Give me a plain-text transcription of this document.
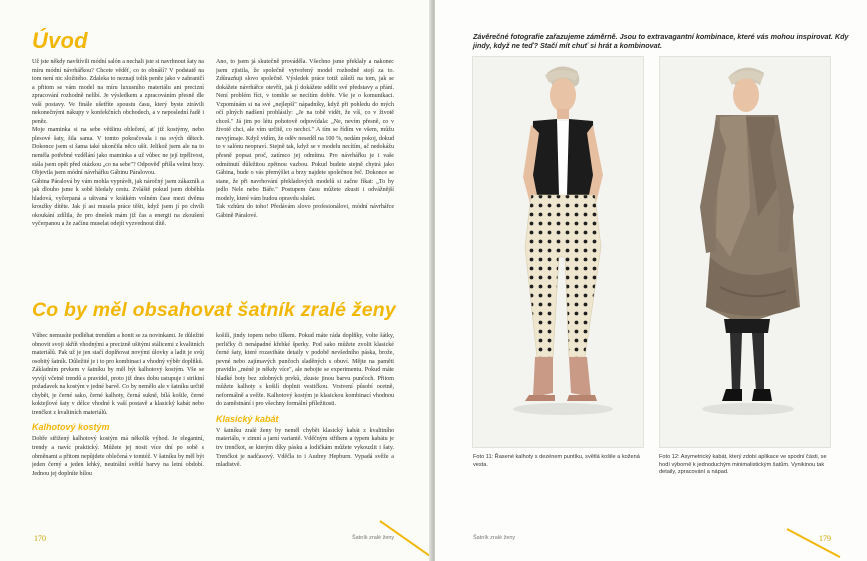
Úvod

Už jste někdy navštívili módní salón a nechali jste si navrhnout šaty na míru módní návrhářkou? Chcete věděť, co to obnáší? V podstatě na tom není nic složitého. Zdaleka to neznají tolik peněz jako v zahraničí a přitom se vám model na míru luxusního materiálu ani precizní zpracování rozhodně nelíbí. Je výsledkem a zpracováním přesně dle vaší postavy. Ve finále ušetříte spoustu času, který byste ztrávili nekonečnými nákupy v konfekčních obchodech, a v neposlední řadě i peněz.

Moje maminka si na sebe většinu oblečení, ať již kostýmy, nebo plesové šaty, šila sama. V tomto pokračovala i na svých dětech. Dokonce jsem si šama také ukončila něco ušít. Jelikož jsem ale na to neměla potřebné vzdělání jako maminka a už vůbec ne její trpělivost, stála jsem opět před otázkou „co na sebe"? Odpověď přišla velmi brzy. Objevila jsem módní návrhářku Gábinu Páralovou.

Gábina Páralová by vám mohla vyprávět, jak náročný jsem zákazník a jak dlouho jsme k sobě hledaly cestu. Zvláště pokud jsem doběhla hladová, vyčerpaná a uštvaná v krátkém volném čase mezi dvěma kroužky dítěte. Jak jí asi musela práce těšit, když jsem jí po chvíli okoukání zdílila, že pro dnešek mám již čas a energii na zkoušení vyčerpanou a že začínu muselat odejít vyzvednout dítě.

Ano, to jsem já skutečně prováděla. Všechno jsme překlaly a nakonec jsem zjistila, že společně vytvořený model rozhodně stojí za to. Zdůrazňuji slovo společně. Výsledek práce totiž záleží na tom, jak se dokážete návrhářce otevřít, jak jí dokážete sdělit své představy a přání. Není problém říct, v tomhle se necítím dobře. Vše je o komunikaci. Vzpomínám si na své „nejlepší" nápadníky, když při pohledu do mých očí plných nadšení prohlásily: „Je na tobě vidět, že víš, co v životě chceš." Já jim po létu pohotově odpovídala: „Ne, nevím přesně, co v životě chci, ale vím určitě, co nechci." A tím se řídím ve všem, můžu nevyjímaje. Když vidím, že oděv neseděl na 100 %, nedám pokoj, dokud to v salónu neopraví. Stejně tak, když se v modelu necítím, ač nedokážu přesně popsat proč, zatímco jej odmítnu. Pro návrhářku je i vaše odmítnutí důležitou zpětnou vazbou. Pokud budete stejně chytrá jako Gábina, bude o vás přemýšlet a brzy najdete společnou řeč. Dokonce se stane, že při navrhování překladových modelů si začne říkat: „To by jedlo Nele nebo Báře." Postupem času můžete zkusit i odvážnější modely, které vám budou opravdu slušet.

Tak vzhůru do toho! Předávám slovo profesionálovi, módní návrhářce Gábině Páralové.

Co by měl obsahovat šatník zralé ženy

Vůbec nemusíte podléhat trendům a honit se za novinkami. Je důležité obnovit svoji skříň vhodnými a precizně ušitými stálicemi z kvalitních materiálů. Pak už je jen stačí doplňovat novými úlovky a ladit je svůj osobitý šatník. Důležité je i to pro kombinaci a vhodný výběr doplňků.

Základním prvkem v šatníku by měl být kalhotový kostým. Vše se vyvíjí včetně trendů a pravidel, proto již dnes dobu ustupuje i striktní požadavek na kostým v jedné barvě. Co by nemělo ale v šatníku určitě chybět, je černé sako, černé kalhoty, černá sukně, bílá košile, černé koktejlové šaty v délce vhodné k vaší postavě a klasický kabát nebo trenčkot z kvalitních materiálů.

Kalhotový kostým

Dobře střižený kalhotový kostým má několik výhod. Je elegantní, trendy a navíc praktický. Můžete jej nosit více dní po sobě s obměnami a přitom nepůjdete oblečená v tomtéž. V šatníku by měl být jeden černý a jeden lehký, neutrální světlé barvy na letní období. Jednou jej doplníte bílou

košilí, jindy topem nebo tílkem. Pokud máte ráda doplňky, volte šátky, perličky či nenápadné křehké šperky. Pod sako můžete zvolit klasické černé šaty, které rozaviháte detaily v podobě nevšedního páska, brože, pevné nebo zajímavých punčoch sladěných s obuví. Mějte na paměti pravidlo „méně je někdy více", ale nebojte se experimentu. Pokud máte hladké boty bez zdobných prvků, zkuste jinou barvu punčoch. Přitom můžete kalhoty s košilí doplnit vestičkou. Vrstvení působí ocetně, neformálně a svěže. Kalhotový kostým je klasickou kombinací vhodnou do zaměstnání i pro všechny formální příležitosti.

Klasický kabát

V šatníku zralé ženy by neměl chybět klasický kabát z kvalitního materiálu, v zimní a jarní variantě. Vděčným střihem a typem kabátu je trv trenčkot, se kterým díky pásku a lodičkám můžete vykouzlit i šaty. Trenčkot je nadčasový. Vděčla to i Audrey Hepburn. Vypadá svěže a mladistvě.

170	Šatník zralé ženy

Závěrečné fotografie zařazujeme záměrně. Jsou to extravagantní kombinace, které vás mohou inspirovat. Kdy jindy, když ne teď? Stačí mít chuť si hrát a kombinovat.

Foto 11: Řasené kalhoty s dezénem puntíku, světlá košile a kožená vesta.

Foto 12: Asymetrický kabát, který zdobí aplikace ve spodní části, se hodí výborně k jednoduchým minimalistickým šatům. Vynikinou tak detaily, zpracování a nápad.

Šatník zralé ženy	179
